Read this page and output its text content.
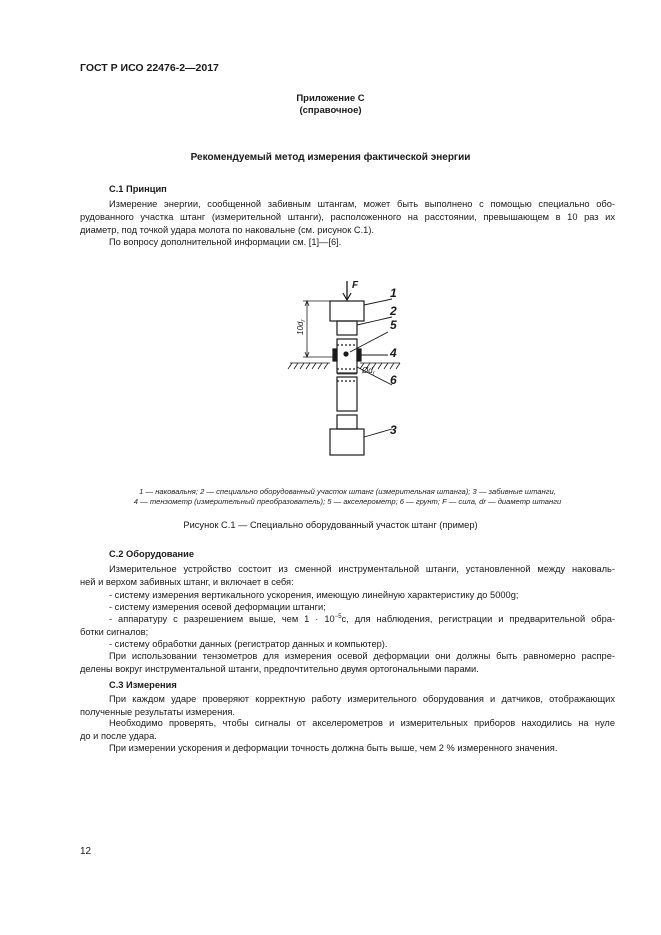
ГОСТ Р ИСО 22476-2—2017
Приложение С
(справочное)
Рекомендуемый метод измерения фактической энергии
С.1 Принцип
Измерение энергии, сообщенной забивным штангам, может быть выполнено с помощью специально обо-
рудованного участка штанг (измерительной штанги), расположенного на расстоянии, превышающем в 10 раз их
диаметр, под точкой удара молота по наковальне (см. рисунок С.1).
По вопросу дополнительной информации см. [1]—[6].
1
2
5
4
6
3
F
$10d_r$
$Ød_r$
1 — наковальня; 2 — специально оборудованный участок штанг (измерительная штанга); 3 — забивные штанги,
4 — тензометр (измерительный преобразователь); 5 — акселерометр; 6 — грунт; F — сила, dr — диаметр штанги
Рисунок С.1 — Специально оборудованный участок штанг (пример)
С.2 Оборудование
Измерительное устройство состоит из сменной инструментальной штанги, установленной между наковаль-
ней и верхом забивных штанг, и включает в себя:
- систему измерения вертикального ускорения, имеющую линейную характеристику до 5000g;
- систему измерения осевой деформации штанги;
- аппаратуру с разрешением выше, чем $1 \cdot 10^{-5}с$, для наблюдения, регистрации и предварительной обра-
ботки сигналов;
- систему обработки данных (регистратор данных и компьютер).
При использовании тензометров для измерения осевой деформации они должны быть равномерно распре-
делены вокруг инструментальной штанги, предпочтительно двумя ортогональными парами.
С.3 Измерения
При каждом ударе проверяют корректную работу измерительного оборудования и датчиков, отображающих
полученные результаты измерения.
Необходимо проверять, чтобы сигналы от акселерометров и измерительных приборов находились на нуле
до и после удара.
При измерении ускорения и деформации точность должна быть выше, чем 2 % измеренного значения.
12
